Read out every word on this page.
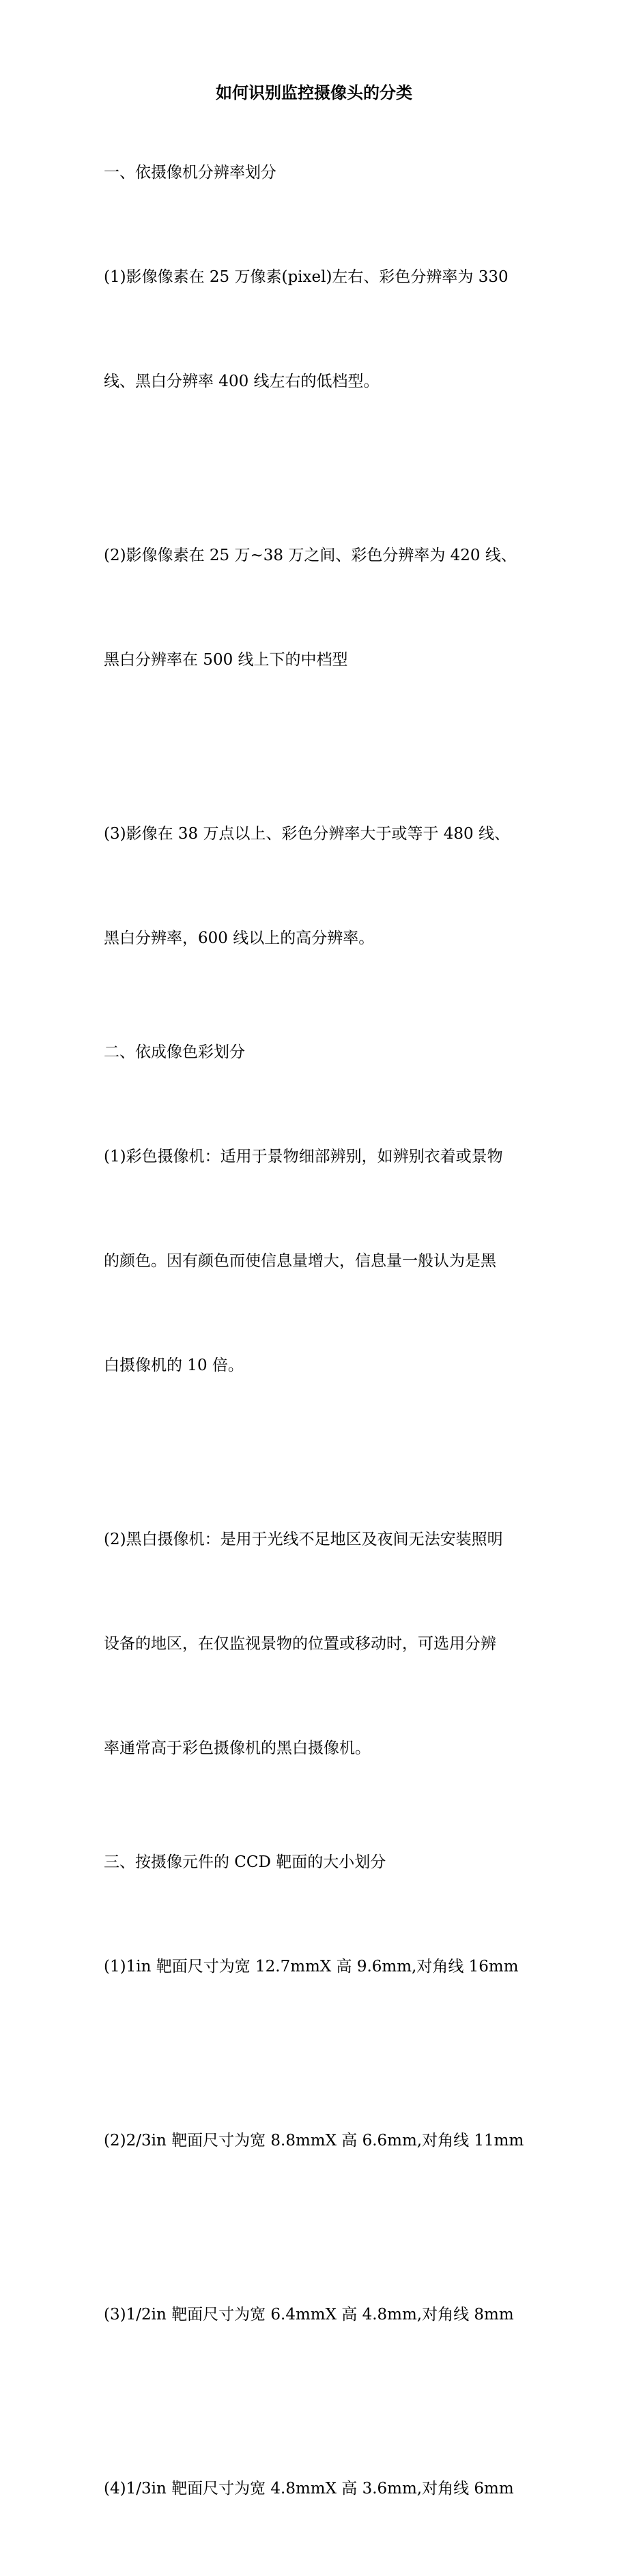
如何识别监控摄像头的分类
一、依摄像机分辨率划分

(1)影像像素在 25 万像素(pixel)左右、彩色分辨率为 330

线、黑白分辨率 400 线左右的低档型。

(2)影像像素在 25 万~38 万之间、彩色分辨率为 420 线、

黑白分辨率在 500 线上下的中档型

(3)影像在 38 万点以上、彩色分辨率大于或等于 480 线、

黑白分辨率，600 线以上的高分辨率。

二、依成像色彩划分

(1)彩色摄像机：适用于景物细部辨别，如辨别衣着或景物

的颜色。因有颜色而使信息量增大，信息量一般认为是黑

白摄像机的 10 倍。

(2)黑白摄像机：是用于光线不足地区及夜间无法安装照明

设备的地区，在仅监视景物的位置或移动时，可选用分辨

率通常高于彩色摄像机的黑白摄像机。

三、按摄像元件的 CCD 靶面的大小划分

(1)1in 靶面尺寸为宽 12.7mmX 高 9.6mm,对角线 16mm

(2)2/3in 靶面尺寸为宽 8.8mmX 高 6.6mm,对角线 11mm

(3)1/2in 靶面尺寸为宽 6.4mmX 高 4.8mm,对角线 8mm

(4)1/3in 靶面尺寸为宽 4.8mmX 高 3.6mm,对角线 6mm
